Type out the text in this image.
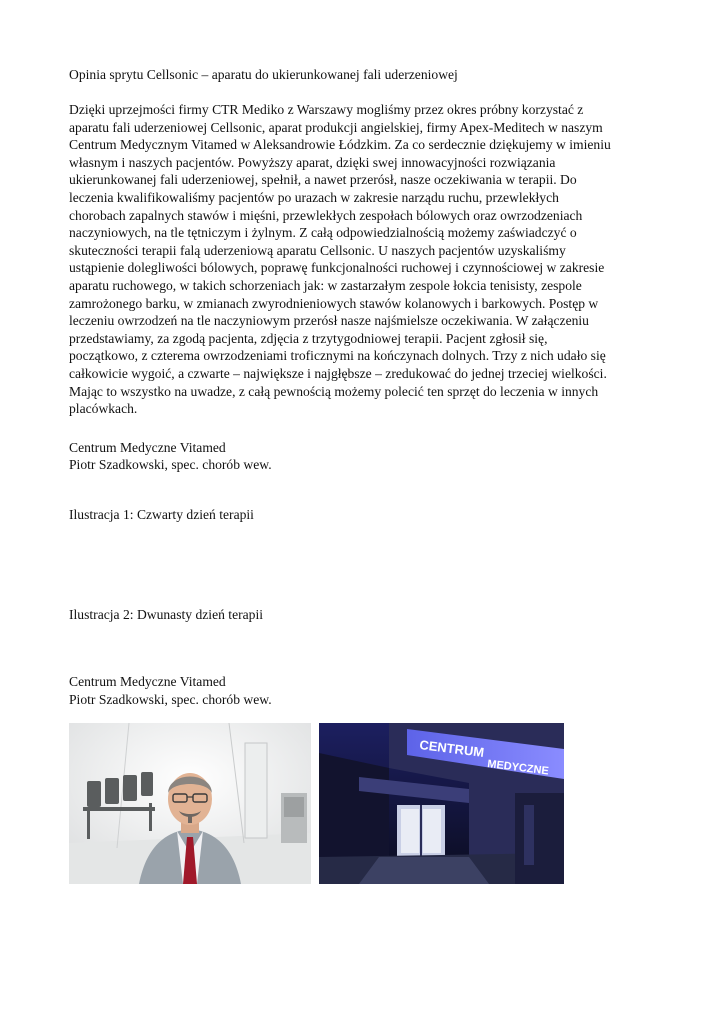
Opinia sprytu Cellsonic – aparatu do ukierunkowanej fali uderzeniowej

Dzięki uprzejmości firmy CTR Mediko z Warszawy mogliśmy przez okres próbny korzystać z
aparatu fali uderzeniowej Cellsonic, aparat produkcji angielskiej, firmy Apex-Meditech w naszym
Centrum Medycznym Vitamed w Aleksandrowie Łódzkim. Za co serdecznie dziękujemy w imieniu
własnym i naszych pacjentów. Powyższy aparat, dzięki swej innowacyjności rozwiązania
ukierunkowanej fali uderzeniowej, spełnił, a nawet przerósł, nasze oczekiwania w terapii. Do
leczenia kwalifikowaliśmy pacjentów po urazach w zakresie narządu ruchu, przewlekłych
chorobach zapalnych stawów i mięśni, przewlekłych zespołach bólowych oraz owrzodzeniach
naczyniowych, na tle tętniczym i żylnym. Z całą odpowiedzialnością możemy zaświadczyć o
skuteczności terapii falą uderzeniową aparatu Cellsonic. U naszych pacjentów uzyskaliśmy
ustąpienie dolegliwości bólowych, poprawę funkcjonalności ruchowej i czynnościowej w zakresie
aparatu ruchowego, w takich schorzeniach jak: w zastarzałym zespole łokcia tenisisty, zespole
zamrożonego barku, w zmianach zwyrodnieniowych stawów kolanowych i barkowych. Postęp w
leczeniu owrzodzeń na tle naczyniowym przerósł nasze najśmielsze oczekiwania. W załączeniu
przedstawiamy, za zgodą pacjenta, zdjęcia z trzytygodniowej terapii. Pacjent zgłosił się,
początkowo, z czterema owrzodzeniami troficznymi na kończynach dolnych. Trzy z nich udało się
całkowicie wygoić, a czwarte – największe i najgłębsze – zredukować do jednej trzeciej wielkości.
Mając to wszystko na uwadze, z całą pewnością możemy polecić ten sprzęt do leczenia w innych
placówkach.
Centrum Medyczne Vitamed
Piotr Szadkowski, spec. chorób wew.
Ilustracja 1: Czwarty dzień terapii
Ilustracja 2: Dwunasty dzień terapii
Centrum Medyczne Vitamed
Piotr Szadkowski, spec. chorób wew.
CENTRUM
MEDYCZNE
